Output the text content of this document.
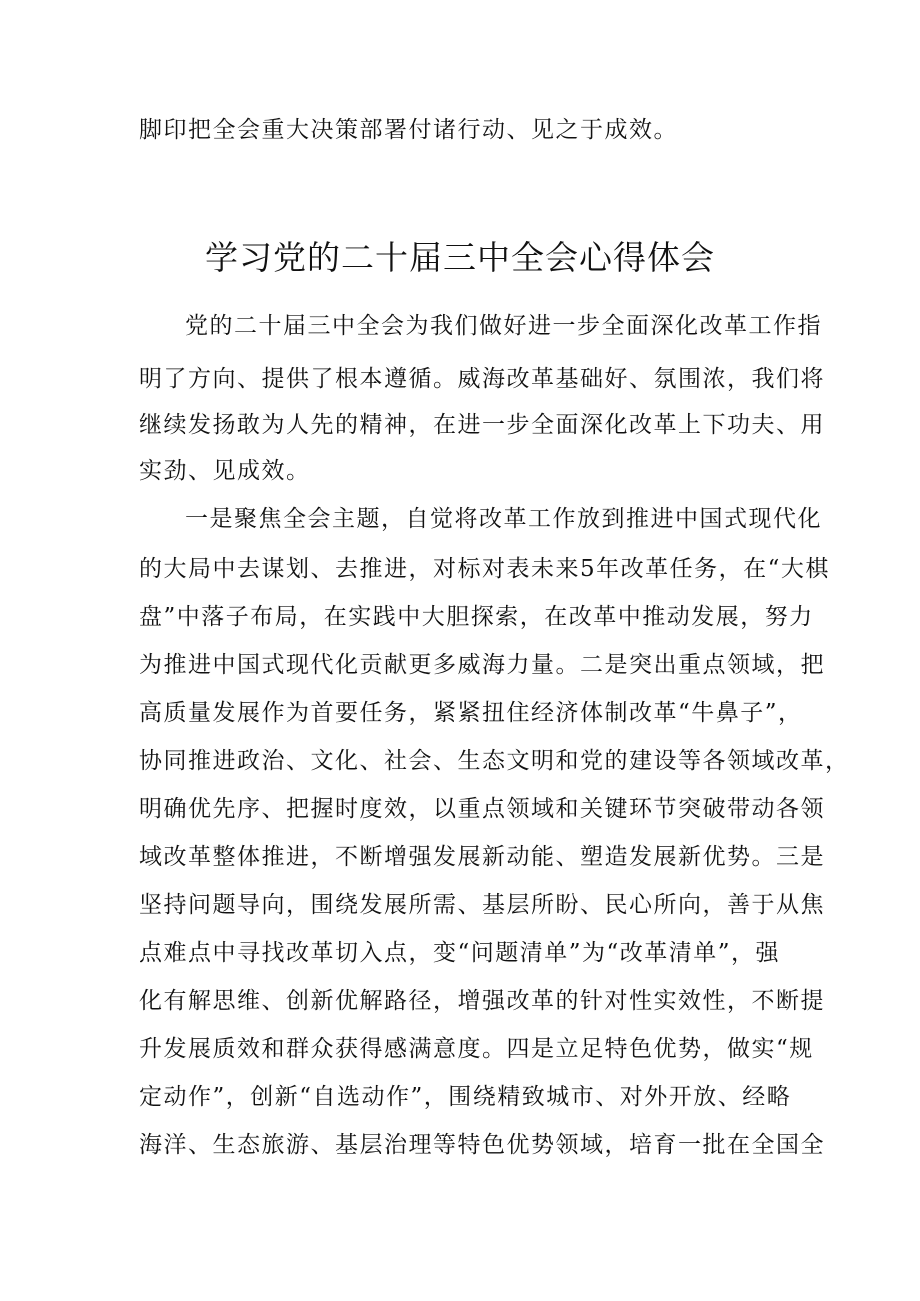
脚印把全会重大决策部署付诸行动、见之于成效。
学习党的二十届三中全会心得体会
党的二十届三中全会为我们做好进一步全面深化改革工作指
明了方向、提供了根本遵循。威海改革基础好、氛围浓，我们将
继续发扬敢为人先的精神，在进一步全面深化改革上下功夫、用
实劲、见成效。
一是聚焦全会主题，自觉将改革工作放到推进中国式现代化
的大局中去谋划、去推进，对标对表未来5年改革任务，在“大棋
盘”中落子布局，在实践中大胆探索，在改革中推动发展，努力
为推进中国式现代化贡献更多威海力量。二是突出重点领域，把
高质量发展作为首要任务，紧紧扭住经济体制改革“牛鼻子”，
协同推进政治、文化、社会、生态文明和党的建设等各领域改革，
明确优先序、把握时度效，以重点领域和关键环节突破带动各领
域改革整体推进，不断增强发展新动能、塑造发展新优势。三是
坚持问题导向，围绕发展所需、基层所盼、民心所向，善于从焦
点难点中寻找改革切入点，变“问题清单”为“改革清单”，强
化有解思维、创新优解路径，增强改革的针对性实效性，不断提
升发展质效和群众获得感满意度。四是立足特色优势，做实“规
定动作”，创新“自选动作”，围绕精致城市、对外开放、经略
海洋、生态旅游、基层治理等特色优势领域，培育一批在全国全
